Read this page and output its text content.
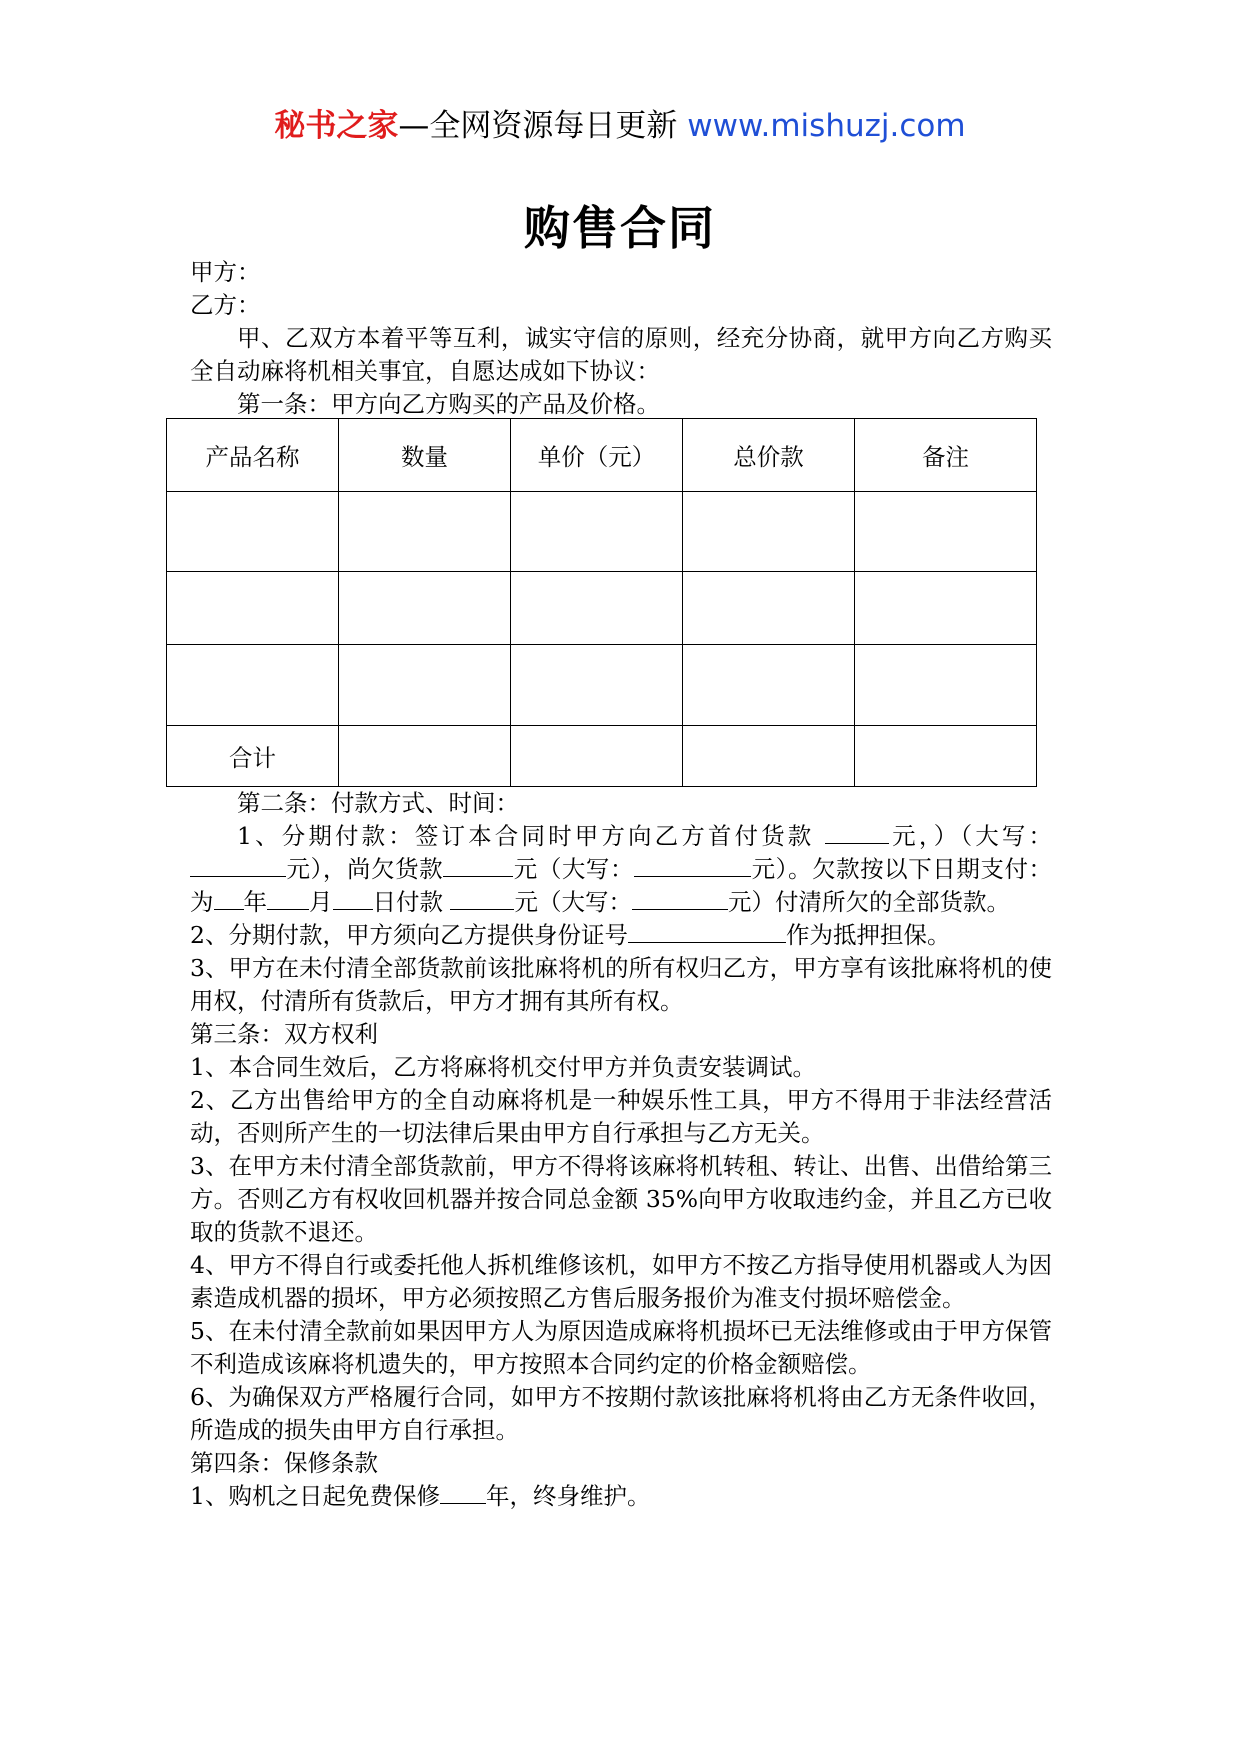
秘书之家—全网资源每日更新 www.mishuzj.com
购售合同

甲方：

乙方：

甲、乙双方本着平等互利，诚实守信的原则，经充分协商，就甲方向乙方购买全自动麻将机相关事宜，自愿达成如下协议：

第一条：甲方向乙方购买的产品及价格。

产品名称	数量	单价（元）	总价款	备注

合计				

第二条：付款方式、时间：

1、分期付款：签订本合同时甲方向乙方首付货款	元，）（大写： 元），尚欠货款	元（大写：	元）。欠款按以下日期支付：为 年 月 日付款	元（大写：	元）付清所欠的全部货款。

2、分期付款，甲方须向乙方提供身份证号	作为抵押担保。

3、甲方在未付清全部货款前该批麻将机的所有权归乙方，甲方享有该批麻将机的使用权，付清所有货款后，甲方才拥有其所有权。

第三条：双方权利

1、本合同生效后，乙方将麻将机交付甲方并负责安装调试。

2、乙方出售给甲方的全自动麻将机是一种娱乐性工具，甲方不得用于非法经营活动，否则所产生的一切法律后果由甲方自行承担与乙方无关。

3、在甲方未付清全部货款前，甲方不得将该麻将机转租、转让、出售、出借给第三方。否则乙方有权收回机器并按合同总金额 35%向甲方收取违约金，并且乙方已收取的货款不退还。

4、甲方不得自行或委托他人拆机维修该机，如甲方不按乙方指导使用机器或人为因素造成机器的损坏，甲方必须按照乙方售后服务报价为准支付损坏赔偿金。

5、在未付清全款前如果因甲方人为原因造成麻将机损坏已无法维修或由于甲方保管不利造成该麻将机遗失的，甲方按照本合同约定的价格金额赔偿。

6、为确保双方严格履行合同，如甲方不按期付款该批麻将机将由乙方无条件收回，所造成的损失由甲方自行承担。

第四条：保修条款

1、购机之日起免费保修 年，终身维护。
